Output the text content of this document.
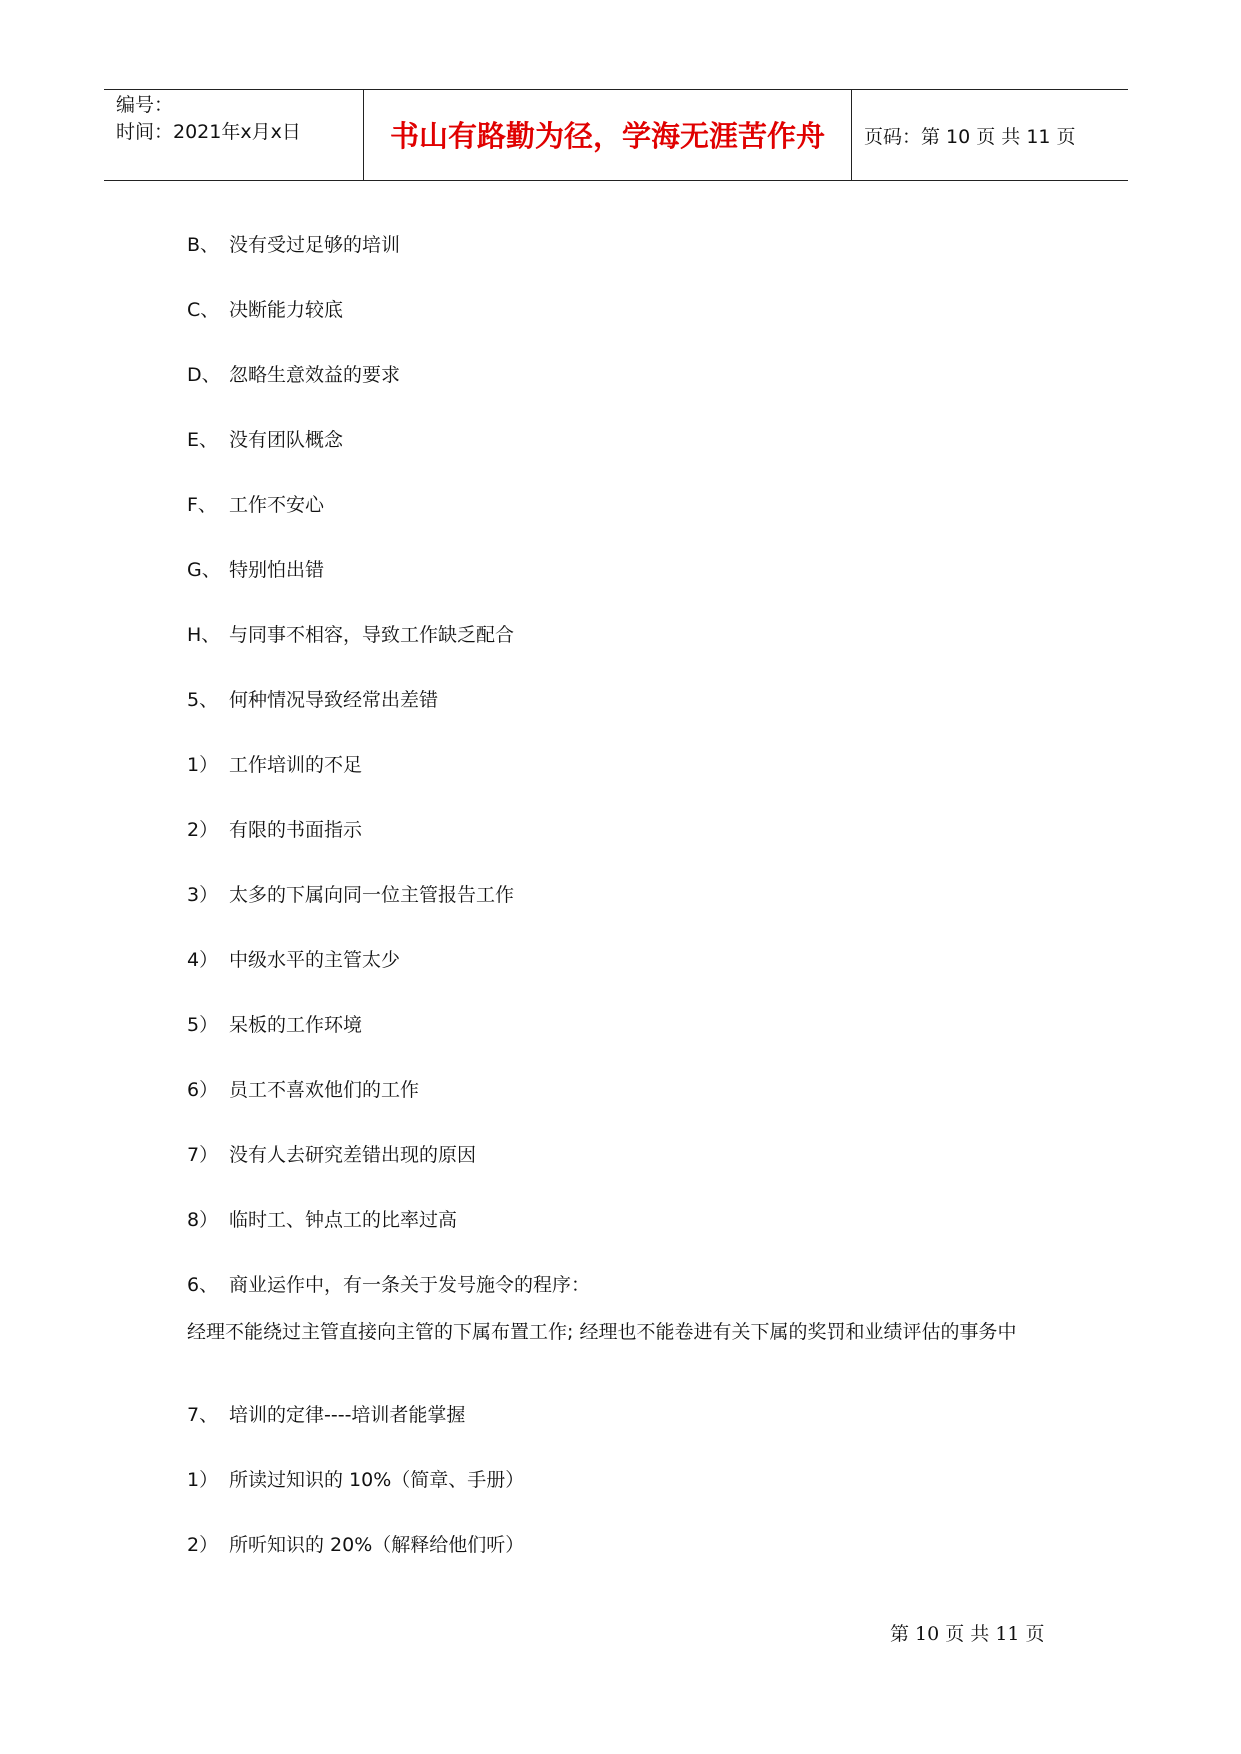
编号：
时间：2021年x月x日	书山有路勤为径，学海无涯苦作舟	页码：第 10 页 共 11 页
B、 没有受过足够的培训
C、 决断能力较底
D、 忽略生意效益的要求
E、 没有团队概念
F、 工作不安心
G、 特别怕出错
H、 与同事不相容，导致工作缺乏配合
5、 何种情况导致经常出差错
1） 工作培训的不足
2） 有限的书面指示
3） 太多的下属向同一位主管报告工作
4） 中级水平的主管太少
5） 呆板的工作环境
6） 员工不喜欢他们的工作
7） 没有人去研究差错出现的原因
8） 临时工、钟点工的比率过高
6、 商业运作中，有一条关于发号施令的程序：
经理不能绕过主管直接向主管的下属布置工作; 经理也不能卷进有关下属的奖罚和业绩评估的事务中
7、 培训的定律----培训者能掌握
1） 所读过知识的 10%（简章、手册）
2） 所听知识的 20%（解释给他们听）
第 10 页 共 11 页
